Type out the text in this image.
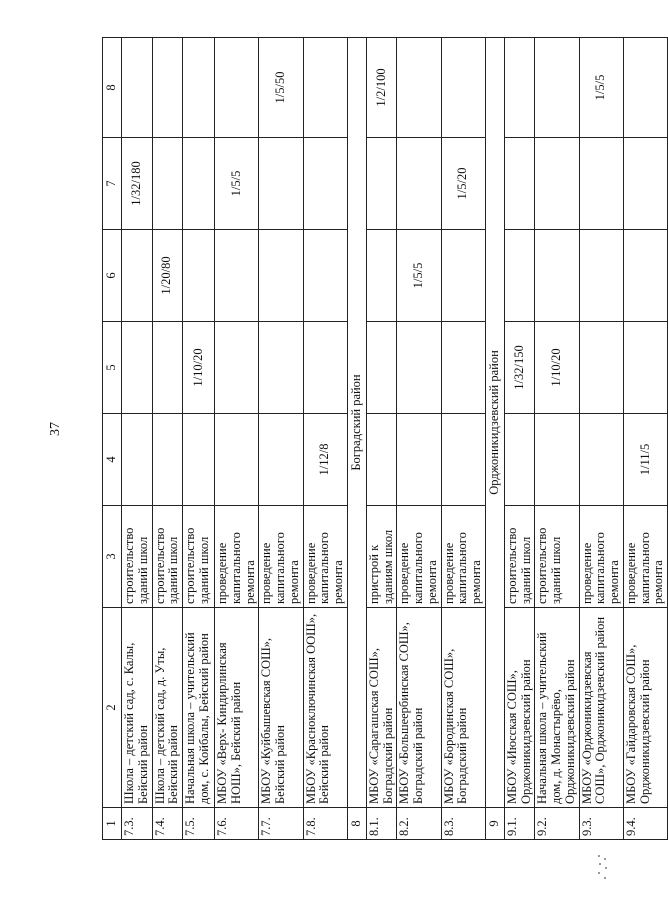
37
1	2	3	4	5	6	7	8
7.3.	Школа – детский сад, с. Калы, Бейский район	строительство зданий школ				1/32/180	
7.4.	Школа – детский сад, д. Уты, Бейский район	строительство зданий школ			1/20/80		
7.5.	Начальная школа – учительский дом, с. Койбалы, Бейский район	строительство зданий школ		1/10/20			
7.6.	МБОУ «Верх- Киндирлинская НОШ», Бейский район	проведение капитального ремонта				1/5/5	
7.7.	МБОУ «Куйбышевская СОШ», Бейский район	проведение капитального ремонта					1/5/50
7.8.	МБОУ «Красноключинская ООШ», Бейский район	проведение капитального ремонта	1/12/8				
8	Боградский район						
8.1.	МБОУ «Сарагашская СОШ», Боградский район	пристрой к зданиям школ					1/2/100
8.2.	МБОУ «Большеербинская СОШ», Боградский район	проведение капитального ремонта			1/5/5		
8.3.	МБОУ «Бородинская СОШ», Боградский район	проведение капитального ремонта				1/5/20	
9	Орджоникидзевский район						
9.1.	МБОУ «Июсская СОШ», Орджоникидзевский район	строительство зданий школ		1/32/150			
9.2.	Начальная школа – учительский дом, д. Монастырёво, Орджоникидзевский район	строительство зданий школ		1/10/20			
9.3.	МБОУ «Орджоникидзевская СОШ», Орджоникидзевский район	проведение капитального ремонта					1/5/5
9.4.	МБОУ «Гайдаровская СОШ», Орджоникидзевский район	проведение капитального ремонта	1/11/5				
